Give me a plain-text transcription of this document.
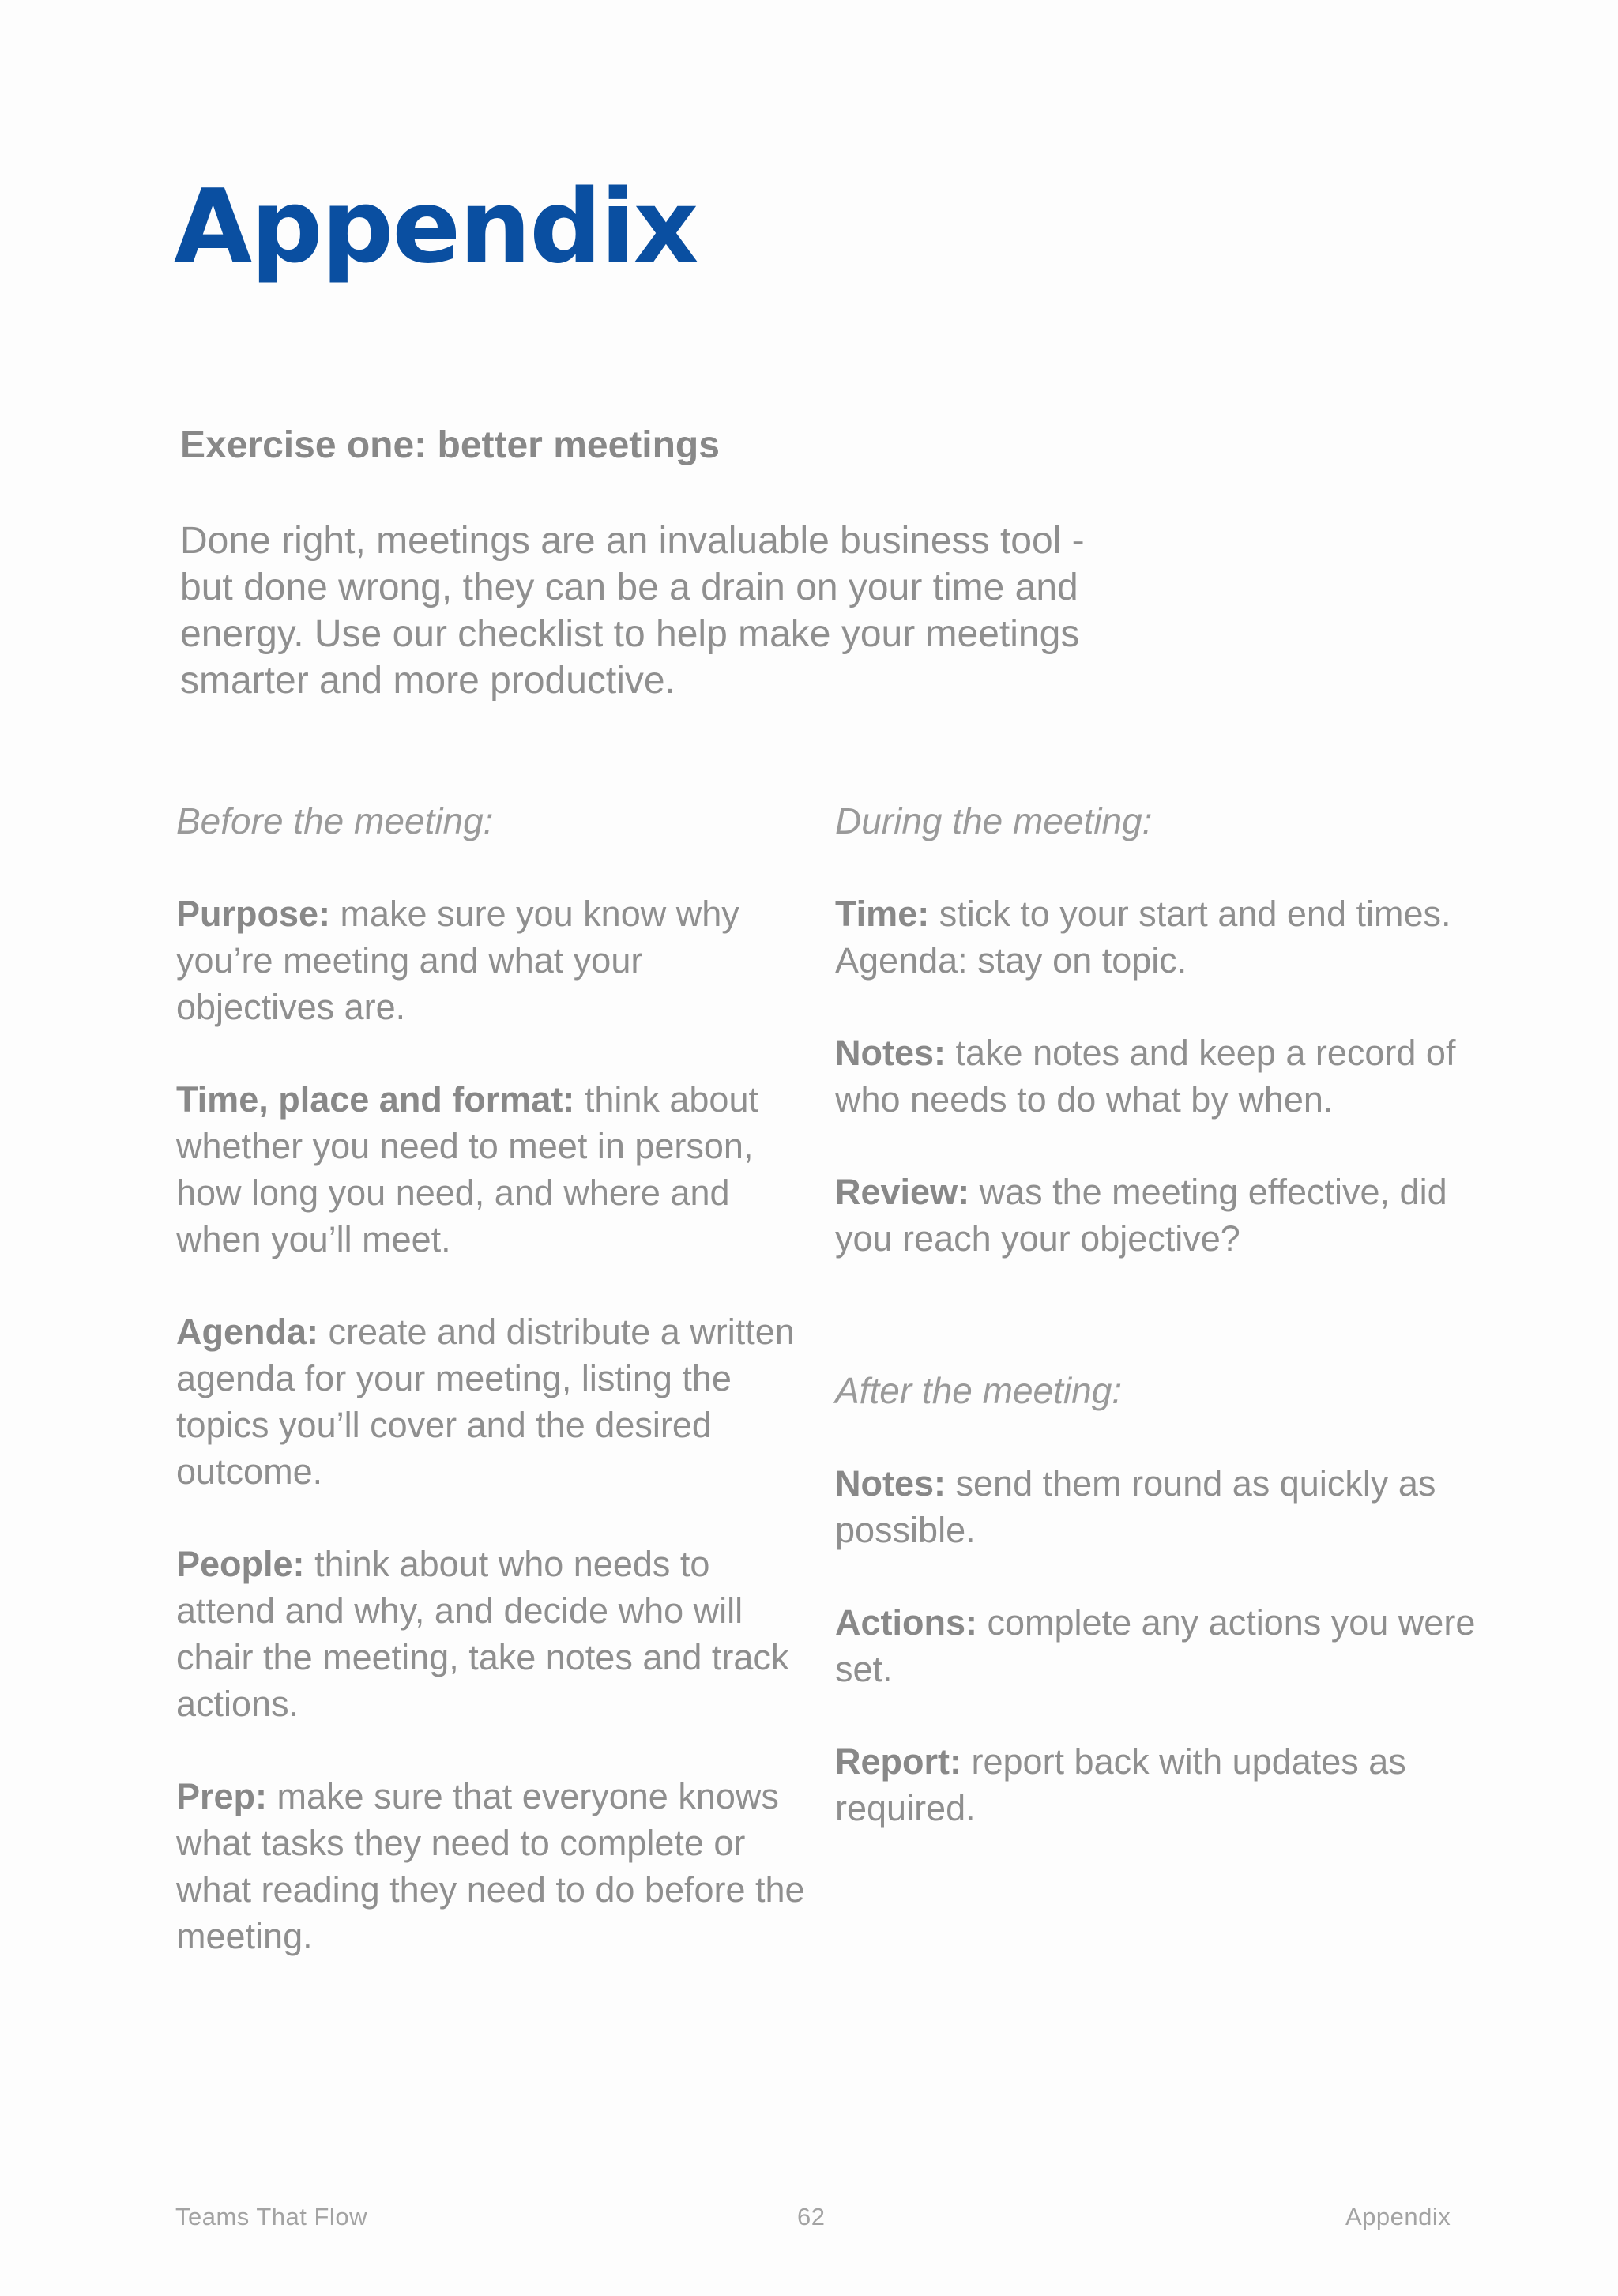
Appendix
Exercise one: better meetings

Done right, meetings are an invaluable business tool - but done wrong, they can be a drain on your time and energy. Use our checklist to help make your meetings smarter and more productive.

Before the meeting:

Purpose: make sure you know why you’re meeting and what your objectives are.

Time, place and format: think about whether you need to meet in person, how long you need, and where and when you’ll meet.

Agenda: create and distribute a written agenda for your meeting, listing the topics you’ll cover and the desired outcome.

People: think about who needs to attend and why, and decide who will chair the meeting, take notes and track actions.

Prep: make sure that everyone knows what tasks they need to complete or what reading they need to do before the meeting.

During the meeting:

Time: stick to your start and end times.
Agenda: stay on topic.

Notes: take notes and keep a record of who needs to do what by when.

Review: was the meeting effective, did you reach your objective?

After the meeting:

Notes: send them round as quickly as possible.

Actions: complete any actions you were set.

Report: report back with updates as required.

Teams That Flow	62	Appendix
